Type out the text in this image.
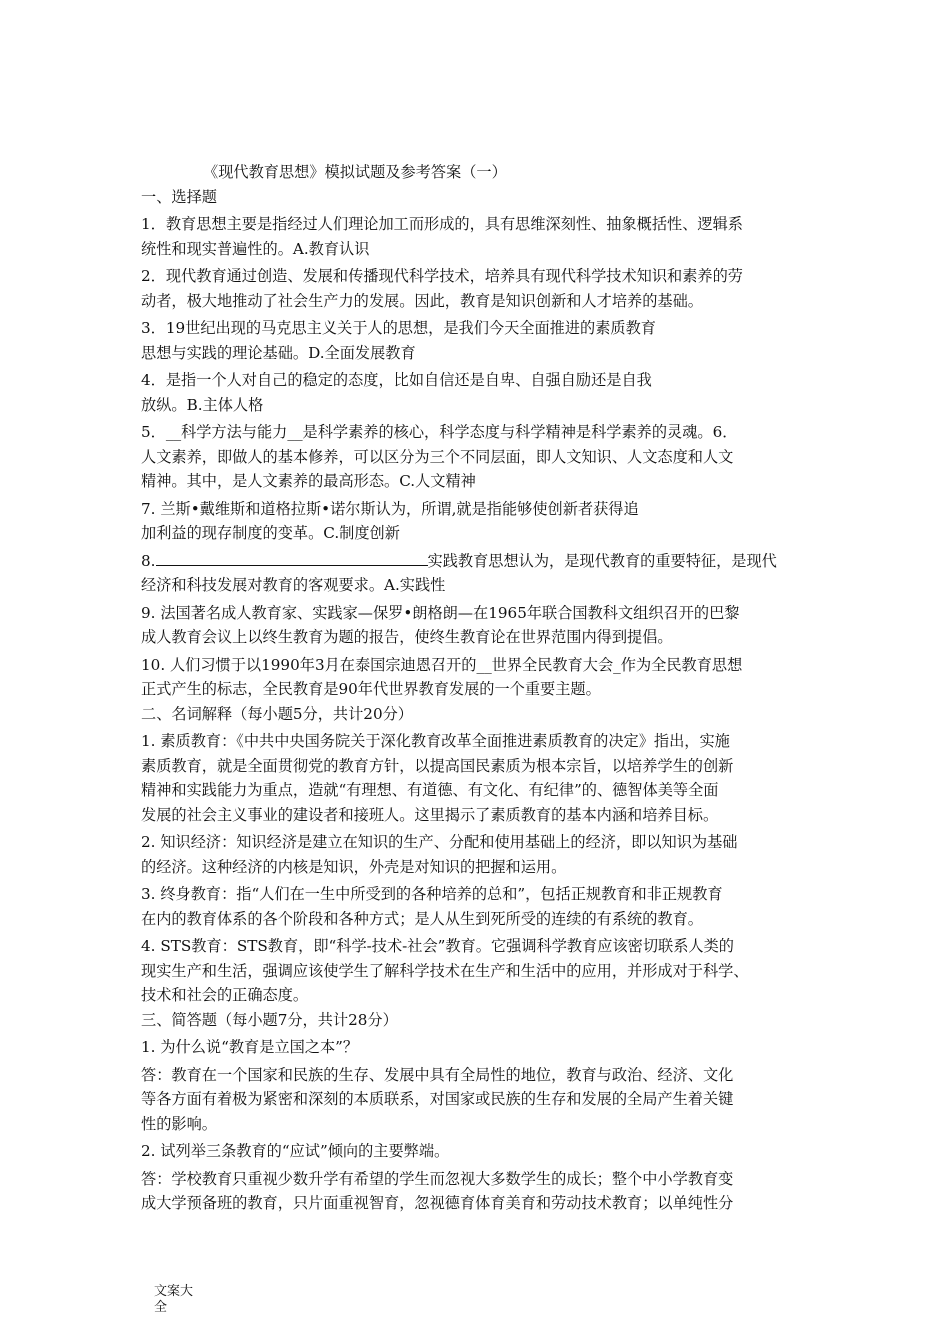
《现代教育思想》模拟试题及参考答案（一）

一、选择题

1．教育思想主要是指经过人们理论加工而形成的，具有思维深刻性、抽象概括性、逻辑系

统性和现实普遍性的。A.教育认识

2．现代教育通过创造、发展和传播现代科学技术，培养具有现代科学技术知识和素养的劳

动者，极大地推动了社会生产力的发展。因此，教育是知识创新和人才培养的基础。

3．19世纪出现的马克思主义关于人的思想，是我们今天全面推进的素质教育

思想与实践的理论基础。D.全面发展教育

4．是指一个人对自己的稳定的态度，比如自信还是自卑、自强自励还是自我

放纵。B.主体人格

5．__科学方法与能力__是科学素养的核心，科学态度与科学精神是科学素养的灵魂。6．

人文素养，即做人的基本修养，可以区分为三个不同层面，即人文知识、人文态度和人文

精神。其中，是人文素养的最高形态。C.人文精神

7. 兰斯•戴维斯和道格拉斯•诺尔斯认为，所谓,就是指能够使创新者获得追

加利益的现存制度的变革。C.制度创新

8.	实践教育思想认为，是现代教育的重要特征，是现代

经济和科技发展对教育的客观要求。A.实践性

9. 法国著名成人教育家、实践家—保罗•朗格朗—在1965年联合国教科文组织召开的巴黎

成人教育会议上以终生教育为题的报告，使终生教育论在世界范围内得到提倡。

10. 人们习惯于以1990年3月在泰国宗迪恩召开的__世界全民教育大会_作为全民教育思想

正式产生的标志，全民教育是90年代世界教育发展的一个重要主题。

二、名词解释（每小题5分，共计20分）

1. 素质教育：《中共中央国务院关于深化教育改革全面推进素质教育的决定》指出，实施

素质教育，就是全面贯彻党的教育方针，以提高国民素质为根本宗旨，以培养学生的创新

精神和实践能力为重点，造就“有理想、有道德、有文化、有纪律”的、德智体美等全面

发展的社会主义事业的建设者和接班人。这里揭示了素质教育的基本内涵和培养目标。

2. 知识经济：知识经济是建立在知识的生产、分配和使用基础上的经济，即以知识为基础

的经济。这种经济的内核是知识，外壳是对知识的把握和运用。

3. 终身教育：指“人们在一生中所受到的各种培养的总和”，包括正规教育和非正规教育

在内的教育体系的各个阶段和各种方式；是人从生到死所受的连续的有系统的教育。

4. STS教育：STS教育，即“科学-技术-社会”教育。它强调科学教育应该密切联系人类的

现实生产和生活，强调应该使学生了解科学技术在生产和生活中的应用，并形成对于科学、

技术和社会的正确态度。

三、简答题（每小题7分，共计28分）

1. 为什么说“教育是立国之本”？

答：教育在一个国家和民族的生存、发展中具有全局性的地位，教育与政治、经济、文化

等各方面有着极为紧密和深刻的本质联系，对国家或民族的生存和发展的全局产生着关键

性的影响。

2. 试列举三条教育的“应试”倾向的主要弊端。

答：学校教育只重视少数升学有希望的学生而忽视大多数学生的成长；整个中小学教育变

成大学预备班的教育，只片面重视智育，忽视德育体育美育和劳动技术教育；以单纯性分

文案大
全
